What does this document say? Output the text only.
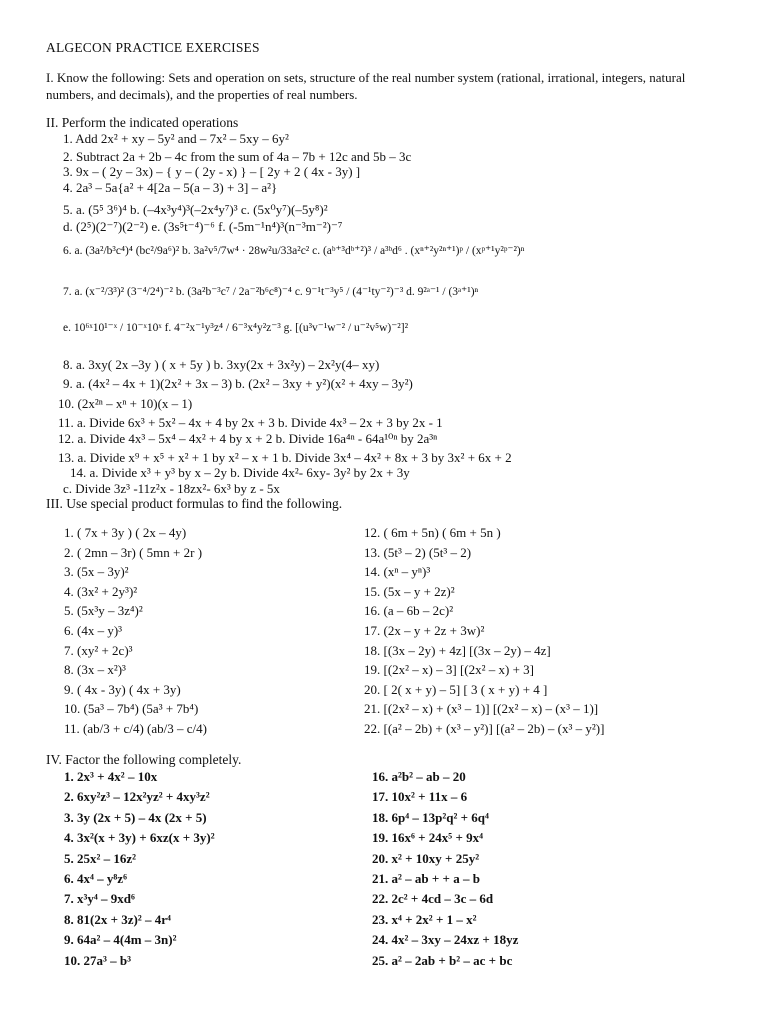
ALGECON PRACTICE EXERCISES
I. Know the following: Sets and operation on sets, structure of the real number system (rational, irrational, integers, natural numbers, and decimals), and the properties of real numbers.
II. Perform the indicated operations
1. Add 2x² + xy – 5y² and – 7x² – 5xy – 6y²
2. Subtract 2a + 2b – 4c from the sum of 4a – 7b + 12c and 5b – 3c
3. 9x – ( 2y – 3x) – { y – ( 2y - x) } – [ 2y + 2 ( 4x - 3y) ]
4. 2a³ – 5a{a² + 4[2a – 5(a – 3) + 3] – a²}
5. a. (5⁵ 3⁶)⁴ b. (–4x³y⁴)³(–2x⁴y⁷)³ c. (5x⁰y⁷)(–5y⁸)²
d. (2⁵)(2⁻⁷)(2⁻²) e. (3s⁵t⁻⁴)⁻⁶ f. (-5m⁻¹n⁴)³(n⁻³m⁻²)⁻⁷
6. a. (3a²/b³c⁴)⁴ (bc²/9a⁶)² b. 3a²v⁵/7w⁴ · 28w²u/33a²c² c. (aᵇ⁺³dᵇ⁺²)³ / a³ᵇd⁶ . (xⁿ⁺²y²ⁿ⁺¹)ᵖ / (xᵖ⁺¹y²ᵖ⁻²)ⁿ
7. a. (x⁻²/3³)² (3⁻⁴/2⁴)⁻² b. (3a²b⁻³c⁷ / 2a⁻²b⁶c⁸)⁻⁴ c. 9⁻¹t⁻³y⁵ / (4⁻¹ty⁻²)⁻³ d. 9²ᵃ⁻¹ / (3ᵃ⁺¹)ⁿ
e. 10⁶ˣ10¹⁻ˣ / 10⁻ˣ10ˣ f. 4⁻²x⁻¹y³z⁴ / 6⁻³x⁴y²z⁻³ g. [(u³v⁻¹w⁻² / u⁻²v⁵w)⁻²]²
8. a. 3xy( 2x –3y ) ( x + 5y ) b. 3xy(2x + 3x²y) – 2x²y(4– xy)
9. a. (4x² – 4x + 1)(2x² + 3x – 3) b. (2x² – 3xy + y²)(x² + 4xy – 3y²)
10. (2x²ⁿ – xⁿ + 10)(x – 1)
11. a. Divide 6x³ + 5x² – 4x + 4 by 2x + 3 b. Divide 4x³ – 2x + 3 by 2x - 1
12. a. Divide 4x³ – 5x⁴ – 4x² + 4 by x + 2 b. Divide 16a⁴ⁿ - 64a¹⁰ⁿ by 2a³ⁿ
13. a. Divide x⁹ + x⁵ + x² + 1 by x² – x + 1 b. Divide 3x⁴ – 4x² + 8x + 3 by 3x² + 6x + 2
14. a. Divide x³ + y³ by x – 2y b. Divide 4x²- 6xy- 3y² by 2x + 3y
c. Divide 3z³ -11z²x - 18zx²- 6x³ by z - 5x
III. Use special product formulas to find the following.
1. ( 7x + 3y ) ( 2x – 4y)
2. ( 2mn – 3r) ( 5mn + 2r )
3. (5x – 3y)²
4. (3x² + 2y³)²
5. (5x³y – 3z⁴)²
6. (4x – y)³
7. (xy² + 2c)³
8. (3x – x²)³
9. ( 4x - 3y) ( 4x + 3y)
10. (5a³ – 7b⁴) (5a³ + 7b⁴)
11. (ab/3 + c/4) (ab/3 – c/4)
12. ( 6m + 5n) ( 6m + 5n )
13. (5t³ – 2) (5t³ – 2)
14. (xⁿ – yⁿ)³
15. (5x – y + 2z)²
16. (a – 6b – 2c)²
17. (2x – y + 2z + 3w)²
18. [(3x – 2y) + 4z] [(3x – 2y) – 4z]
19. [(2x² – x) – 3] [(2x² – x) + 3]
20. [ 2( x + y) – 5] [ 3 ( x + y) + 4 ]
21. [(2x² – x) + (x³ – 1)] [(2x² – x) – (x³ – 1)]
22. [(a² – 2b) + (x³ – y²)] [(a² – 2b) – (x³ – y²)]
IV. Factor the following completely.
1. 2x³ + 4x² – 10x
2. 6xy²z³ – 12x²yz² + 4xy³z²
3. 3y (2x + 5) – 4x (2x + 5)
4. 3x²(x + 3y) + 6xz(x + 3y)²
5. 25x² – 16z²
6. 4x⁴ – y⁸z⁶
7. x³y⁴ – 9xd⁶
8. 81(2x + 3z)² – 4r⁴
9. 64a² – 4(4m – 3n)²
10. 27a³ – b³
16. a²b² – ab – 20
17. 10x² + 11x – 6
18. 6p⁴ – 13p²q² + 6q⁴
19. 16x⁶ + 24x⁵ + 9x⁴
20. x² + 10xy + 25y²
21. a² – ab + + a – b
22. 2c² + 4cd – 3c – 6d
23. x⁴ + 2x² + 1 – x²
24. 4x² – 3xy – 24xz + 18yz
25. a² – 2ab + b² – ac + bc
